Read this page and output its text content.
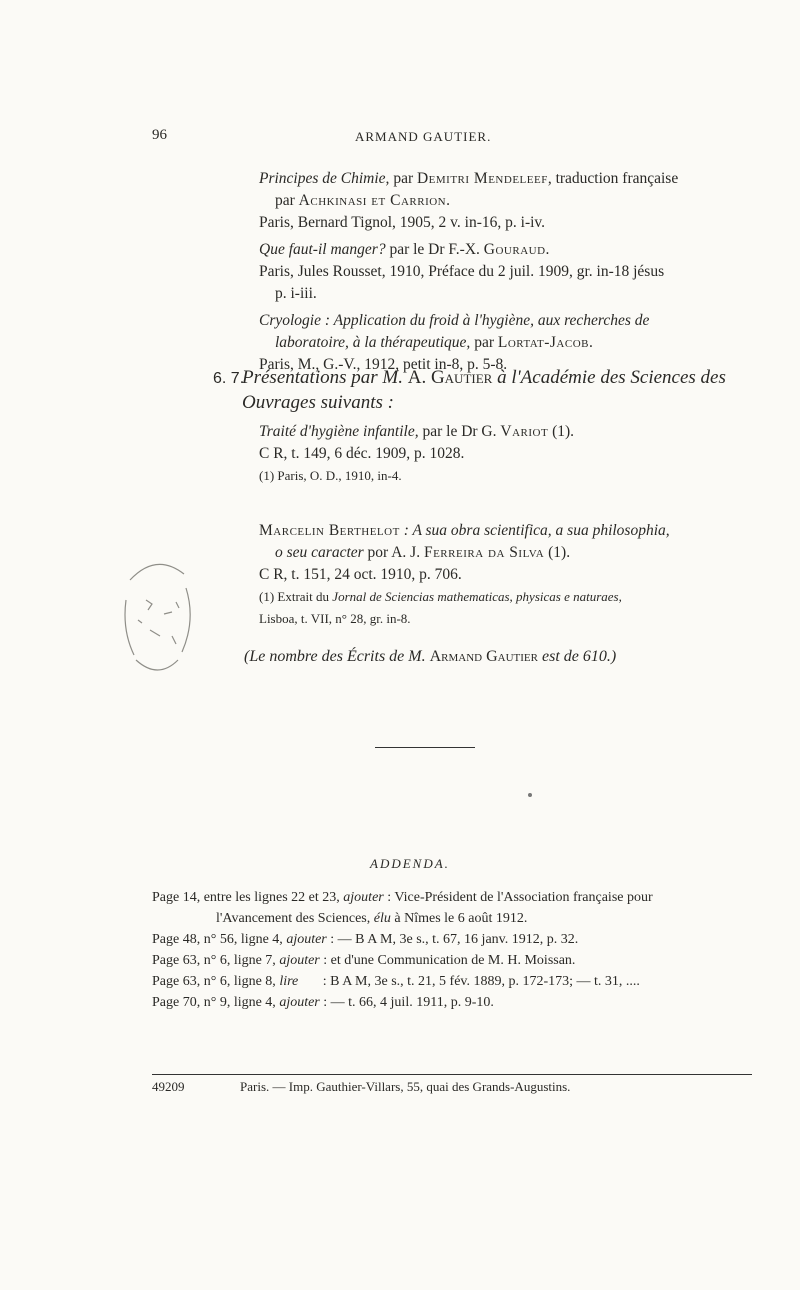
96	ARMAND GAUTIER.

Principes de Chimie, par Demitri Mendeleef, traduction française

par Achkinasi et Carrion.

Paris, Bernard Tignol, 1905, 2 v. in-16, p. i-iv.

Que faut-il manger? par le Dr F.-X. Gouraud.

Paris, Jules Rousset, 1910, Préface du 2 juil. 1909, gr. in-18 jésus

p. i-iii.

Cryologie : Application du froid à l'hygiène, aux recherches de

laboratoire, à la thérapeutique, par Lortat-Jacob.

Paris, M., G.-V., 1912, petit in-8, p. 5-8.

6. 7.
Présentations par M. A. Gautier à l'Académie des Sciences des
Ouvrages suivants :

Traité d'hygiène infantile, par le Dr G. Variot (1).

C R, t. 149, 6 déc. 1909, p. 1028.

(1) Paris, O. D., 1910, in-4.

Marcelin Berthelot : A sua obra scientifica, a sua philosophia,

o seu caracter por A. J. Ferreira da Silva (1).

C R, t. 151, 24 oct. 1910, p. 706.

(1) Extrait du Jornal de Sciencias mathematicas, physicas e naturaes,

Lisboa, t. VII, n° 28, gr. in-8.

(Le nombre des Écrits de M. Armand Gautier est de 610.)
ADDENDA.

Page 14, entre les lignes 22 et 23, ajouter : Vice-Président de l'Association française pour

l'Avancement des Sciences, élu à Nîmes le 6 août 1912.

Page 48, n° 56, ligne 4, ajouter : — B A M, 3e s., t. 67, 16 janv. 1912, p. 32.

Page 63, n° 6, ligne 7, ajouter : et d'une Communication de M. H. Moissan.

Page 63, n° 6, ligne 8, lire       : B A M, 3e s., t. 21, 5 fév. 1889, p. 172-173; — t. 31, ....

Page 70, n° 9, ligne 4, ajouter : — t. 66, 4 juil. 1911, p. 9-10.

49209	Paris. — Imp. Gauthier-Villars, 55, quai des Grands-Augustins.
